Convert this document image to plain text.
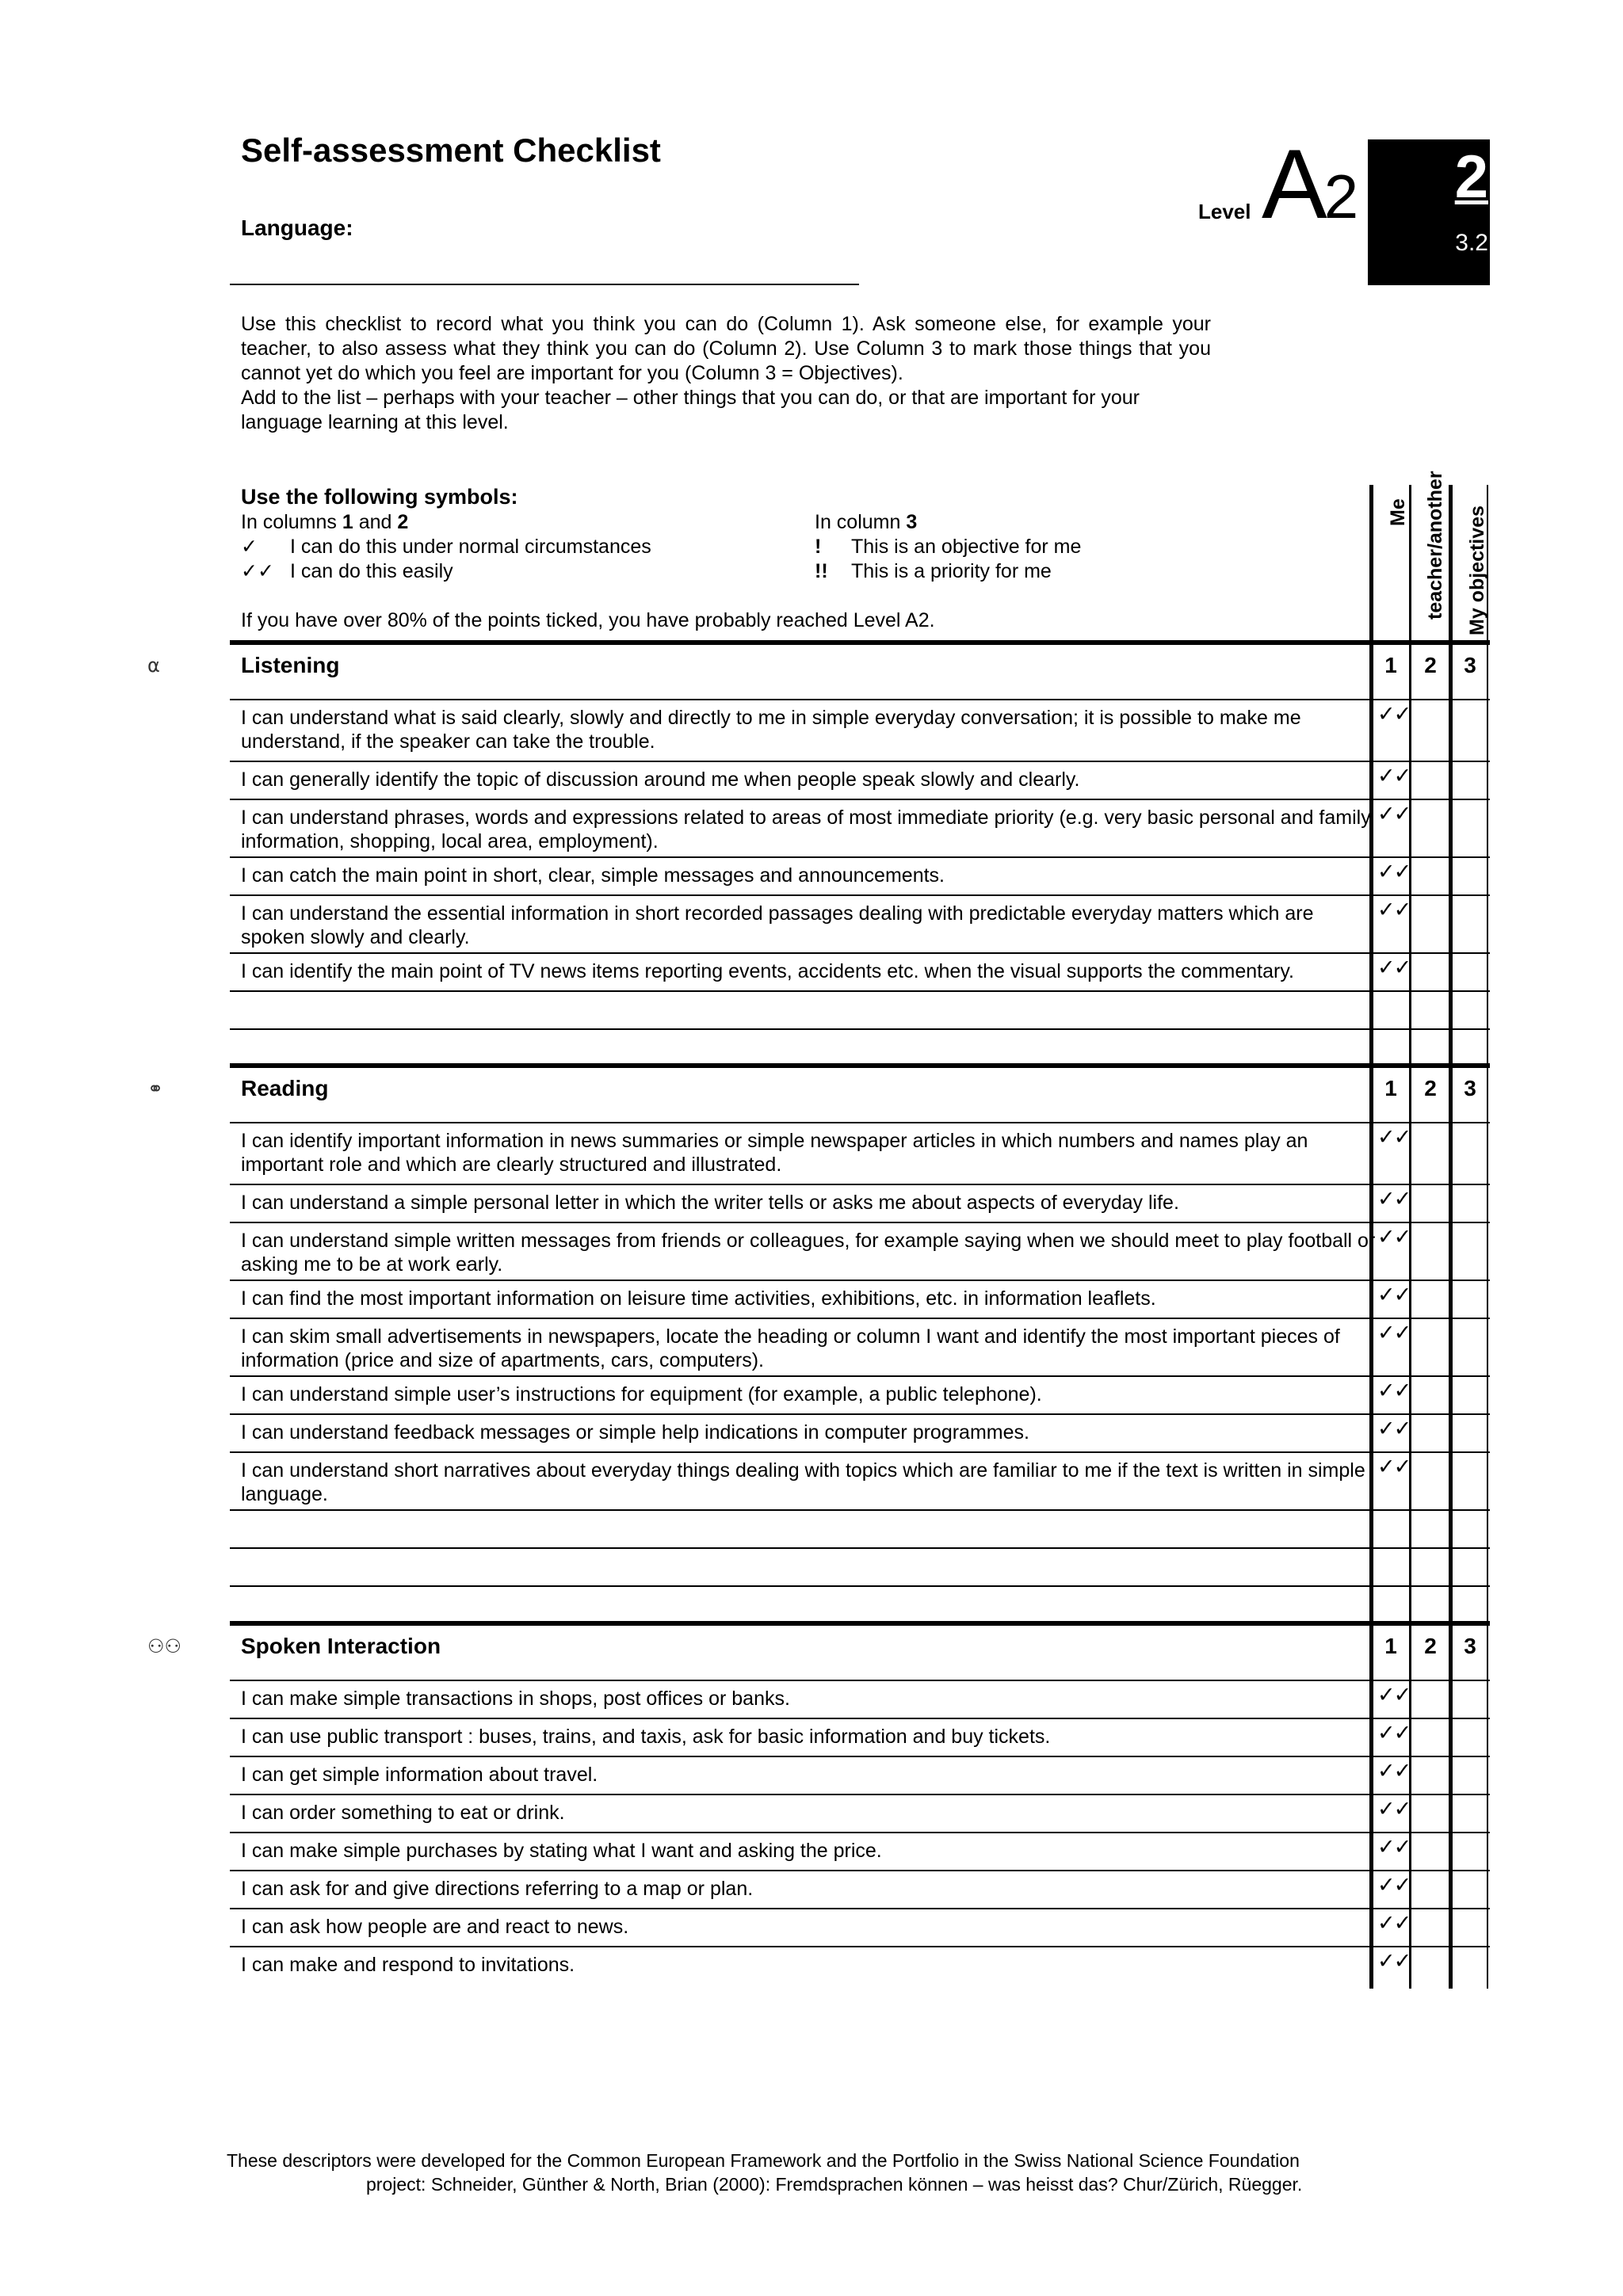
Self-assessment Checklist
Language:
Level A2 2
3.2

Use this checklist to record what you think you can do (Column 1). Ask someone else, for example your teacher, to also assess what they think you can do (Column 2). Use Column 3 to mark those things that you cannot yet do which you feel are important for you (Column 3 = Objectives).

Add to the list – perhaps with your teacher – other things that you can do, or that are important for your

language learning at this level.

Use the following symbols:
In columns 1 and 2
✓ I can do this under normal circumstances
✓✓ I can do this easily
In column 3
! This is an objective for me
!! This is a priority for me
If you have over 80% of the points ticked, you have probably reached Level A2.
Me teacher/another My objectives
⍺	Listening	1	2	3
I can understand what is said clearly, slowly and directly to me in simple everyday conversation; it is possible to make me understand, if the speaker can take the trouble.
✓✓
I can generally identify the topic of discussion around me when people speak slowly and clearly.	✓✓
I can understand phrases, words and expressions related to areas of most immediate priority (e.g. very basic personal and family information, shopping, local area, employment).
✓✓
I can catch the main point in short, clear, simple messages and announcements.	✓✓
I can understand the essential information in short recorded passages dealing with predictable everyday matters which are spoken slowly and clearly.
✓✓
I can identify the main point of TV news items reporting events, accidents etc. when the visual supports the commentary.	✓✓
⚭	Reading	1	2	3
I can identify important information in news summaries or simple newspaper articles in which numbers and names play an important role and which are clearly structured and illustrated.
✓✓
I can understand a simple personal letter in which the writer tells or asks me about aspects of everyday life.	✓✓
I can understand simple written messages from friends or colleagues, for example saying when we should meet to play football or asking me to be at work early.
✓✓
I can find the most important information on leisure time activities, exhibitions, etc. in information leaflets.	✓✓
I can skim small advertisements in newspapers, locate the heading or column I want and identify the most important pieces of information (price and size of apartments, cars, computers).
✓✓
I can understand simple user’s instructions for equipment (for example, a public telephone).	✓✓
I can understand feedback messages or simple help indications in computer programmes.	✓✓
I can understand short narratives about everyday things dealing with topics which are familiar to me if the text is written in simple language.
✓✓
⚇⚇	Spoken Interaction	1	2	3
I can make simple transactions in shops, post offices or banks.	✓✓
I can use public transport : buses, trains, and taxis, ask for basic information and buy tickets.	✓✓
I can get simple information about travel.	✓✓
I can order something to eat or drink.	✓✓
I can make simple purchases by stating what I want and asking the price.	✓✓
I can ask for and give directions referring to a map or plan.	✓✓
I can ask how people are and react to news.	✓✓
I can make and respond to invitations.	✓✓
These descriptors were developed for the Common European Framework and the Portfolio in the Swiss National Science Foundation
project: Schneider, Günther & North, Brian (2000): Fremdsprachen können – was heisst das? Chur/Zürich, Rüegger.
